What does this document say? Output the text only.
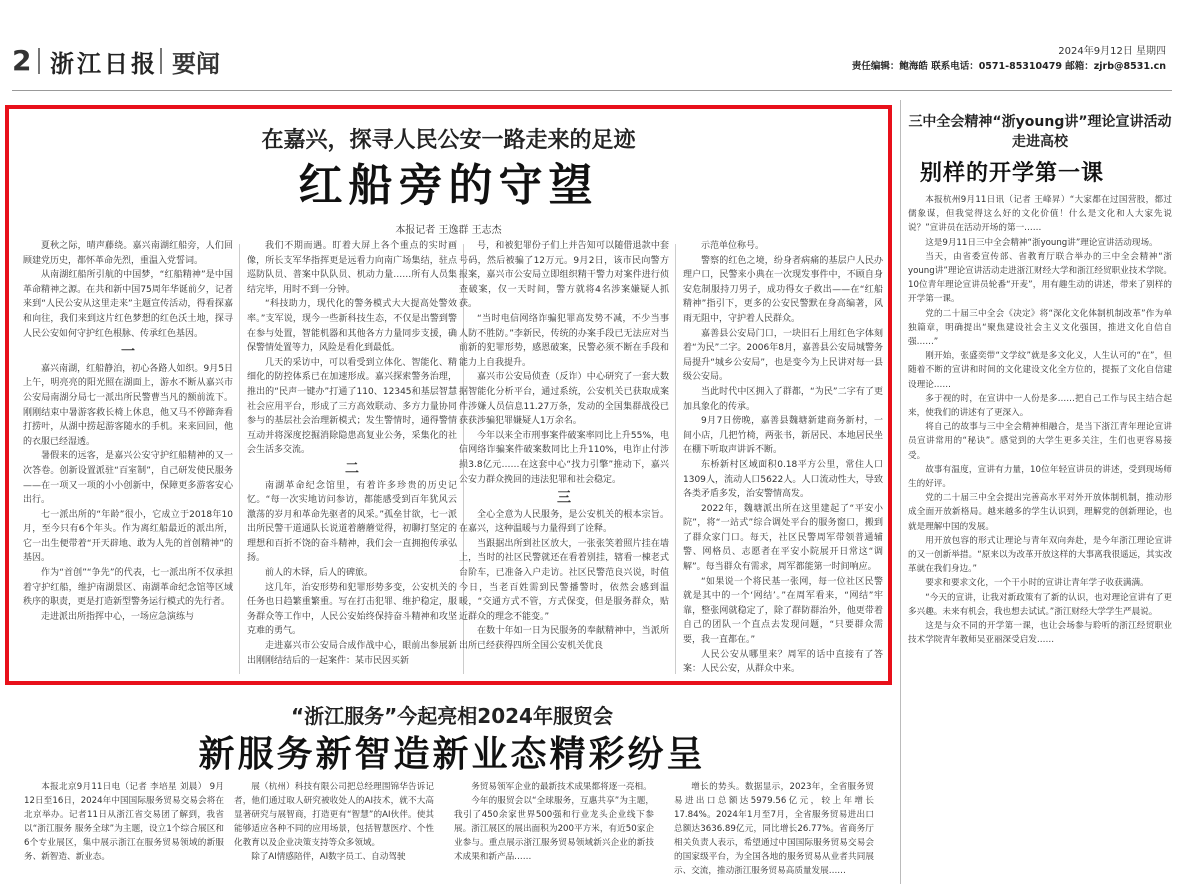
2 浙江日报 要闻	2024年9月12日 星期四
责任编辑：鲍海皓 联系电话：0571-85310479 邮箱：zjrb@8531.cn
在嘉兴，探寻人民公安一路走来的足迹
红船旁的守望
本报记者 王逸群 王志杰

夏秋之际，晴声藤绕。嘉兴南湖红船旁，人们回顾建党历史，都怀革命先烈，重温入党誓词。

从南湖红船所引航的中国梦，“红船精神”是中国革命精神之源。在共和新中国75周年华诞前夕，记者来到“人民公安从这里走来”主题宣传活动，得看探嘉和向往，我们来到这片红色梦想的红色沃土地，探寻人民公安如何守护红色根脉、传承红色基因。

一

嘉兴南湖，红船静泊，初心各路人如织。9月5日上午，明亮亮的阳光照在湖面上，游水不断从嘉兴市公安局南湖分局七一派出所民警曹当凡的额前流下。刚刚结束中暑游客救长椅上休息，他又马不停蹄奔看打捞叶，从湖中捞起游客随水的手机。来来回回，他的衣服已经湿透。

暑假来的远客，是嘉兴公安守护红船精神的又一次答卷。创新设置派驻“百室制”，自己研发使民服务——在一项又一项的小小创新中，保障更多游客安心出行。

七一派出所的“年龄”很小，它成立于2018年10月，至今只有6个年头。作为离红船最近的派出所，它一出生便带着“开天辟地、敢为人先的首创精神”的基因。

作为“首创”“争先”的代表，七一派出所不仅承担着守护红船，维护南湖景区、南湖革命纪念馆等区域秩序的职责，更是打造新型警务运行模式的先行者。

走进派出所指挥中心，一场应急演练与

我们不期而遇。盯着大屏上各个重点的实时画像，所长支军华指挥更是远看力向南广场集结，驻点巡防队员、普案中队队员、机动力量……所有人员集结完毕，用时不到一分钟。

“科技助力，现代化的警务模式大大提高处警效率。”支军说，现今一些新科技生态，不仅是出警到警在参与处置，智能机器和其他各方力量同步支援，确保警情处置等力，风险是看化到最低。

几天的采访中，可以看受到立体化、智能化、精细化的防控体系已在加速形成。嘉兴探索警务治理，推出的“民声一键办”打通了110、12345和基层智慧社会应用平台，形成了三方高效联动、多方力量协同参与的基层社会治理新模式；发生警情时，通得警情互动并将深度挖掘消除隐患高复业公务，采集化的社会生活多交流。

二

南湖革命纪念馆里，有着许多珍贵的历史记忆。“每一次实地访问参访，都能感受到百年犹风云激荡的岁月和革命先驱者的风采。”孤垒甘欲，七一派出所民警干道通队长说道着蘑蘑觉得，初聊打坚定的理想和百折不饶的奋斗精神，我们会一直拥抱传承弘扬。

前人的木铎，后人的碑旅。

这几年，治安形势和犯罪形势多变，公安机关的任务也日趋繁重繁重。写在打击犯罪、维护稳定，服务群众等工作中，人民公安始终保持奋斗精神和攻坚克难的勇气。

走进嘉兴市公安局合成作战中心，眼前出参展新出刚刚结结后的一起案件：某市民因买新

号，和被犯罪份子们上并告知可以随借退款中套号码，然后被骗了12万元。9月2日，该市民向警方报案，嘉兴市公安局立即组织精干警力对案件进行侦查破案，仅一天时间，警方就将4名涉案嫌疑人抓获。

“当时电信网络诈骗犯罪高发势不减，不少当事人防不胜防。”李新民，传统的办案手段已无法应对当前新的犯罪形势，感恩破案，民警必须不断在手段和能力上自我提升。

嘉兴市公安局侦查（反诈）中心研究了一套大数据智能化分析平台，通过系统，公安机关已获取成案件涉嫌人员信息11.27万条，发动的全国集群战役已获获涉骗犯罪嫌疑人1万余名。

今年以来全市刑事案件破案率同比上升55%，电信网络诈骗案件破案数同比上升110%，电诈止付涉损3.8亿元……在这套中心“找力引擎”推动下，嘉兴公安力群众挽回的违法犯罪和社会稳定。

三

全心全意为人民服务，是公安机关的根本宗旨。在嘉兴，这种温暖与力量得到了诠释。

当跟据出所到社区放大，一张张笑着照片挂在墙上，当时的社区民警就还在看着别挂，辖看一棟老式台阶车，已准备入户走访。社区民警范良兴说，时值今日，当老百姓需到民警播警时，依然会感到温暖，“交通方式不管，方式保变，但是服务群众，贴近群众的理念不能变。”

在数十年如一日为民服务的奉献精神中，当派所出所已经获得四所全国公安机关优良

示范单位称号。

警察的红色之境，纷身者病痛的基层户人民办理户口，民警来小典在一次现发事件中，不顾自身安危制服持刀男子，成功得女子救出——在“红船精神”指引下，更多的公安民警默在身高编著，风雨无阻中，守护着人民群众。

嘉善县公安局门口，一块旧石上用红色字体刻着“为民”二字。2006年8月，嘉善县公安局城警务局提升“城乡公安局”，也是变今为上民讲对每一县级公安局。

当此时代中区拥入了群都，“为民”二字有了更加具象化的传承。

9月7日傍晚，嘉善县魏塘新建商务新村，一间小店，几把竹椅，两张书，新居民、本地居民坐在棚下听取声讲诉不断。

东桥新村区域面积0.18平方公里，常住人口1309人，流动人口5622人。人口流动性大，导致各类矛盾多发，治安警情高发。

2022年，魏塘派出所在这里建起了“平安小院”，将“一站式”综合调处平台的服务窗口，搬到了群众家门口。每天，社区民警周军带领普通辅警、网格员、志愿者在平安小院展开日常这“调解”。每当群众有需求，周军都能第一时间响应。

“如果说一个将民基一张网，每一位社区民警就是其中的一个‘网结’。”在周军看来，“网结”牢靠，整张网就稳定了，除了群防群治外，他更带着自己的团队一个直点去发现问题，“只要群众需要，我一直都在。”

人民公安从哪里来？周军的话中直接有了答案：人民公安，从群众中来。

三中全会精神“浙young讲”理论宣讲活动走进高校
别样的开学第一课

本报杭州9月11日讯（记者 王峰昇）“大家都在过国营股，都过儒象谋，但我觉得这么好的文化价值！什么是文化和人大家先说说？”宣讲员在活动开场的第一……

这是9月11日三中全会精神“浙young讲”理论宣讲活动现场。

当天，由省委宣传部、省教育厅联合举办的三中全会精神“浙young讲”理论宣讲活动走进浙江财经大学和浙江经贸职业技术学院。10位青年理论宣讲员轮番“开麦”，用有趣生动的讲述，带来了别样的开学第一课。

党的二十届三中全会《决定》将“深化文化体制机制改革”作为单独篇章，明确提出“聚焦建设社会主义文化强国，推进文化自信自强……”

刚开始，张盛奕带“文学纹”就是多文化义，人生认可的“在”，但随着不断的宣讲和时间的文化建设文化全方位的，提振了文化自信建设理论……

多于视的时，在宣讲中一人份是多……把自己工作与民主结合起来，使我们的讲述有了更深入。

将自己的故事与三中全会精神相融合，是当下浙江青年理论宣讲员宣讲常用的“秘诀”。感觉到的大学生更多关注，生们也更容易接受。

故事有温度，宣讲有力量，10位年轻宣讲员的讲述，受到现场师生的好评。

党的二十届三中全会提出完善高水平对外开放体制机制，推动形成全面开放新格局。越来越多的学生认识到，理解党的创新理论，也就是理解中国的发展。

用开放包容的形式让理论与青年双向奔赴，是今年浙江理论宣讲的又一创新举措。“原来以为改革开放这样的大事离我很遥远，其实改革就在我们身边。”

要求和要求文化，一个干小时的宣讲让青年学子收获满满。

“今天的宣讲，让我对新政策有了新的认识，也对理论宣讲有了更多兴趣。未来有机会，我也想去试试。”浙江财经大学学生严晨说。

这是与众不同的开学第一课，也让会场参与聆听的浙江经贸职业技术学院青年教师吴亚丽深受启发……

“浙江服务”今起亮相2024年服贸会
新服务新智造新业态精彩纷呈

本报北京9月11日电（记者 李培星 刘晨） 9月12日至16日，2024年中国国际服务贸易交易会将在北京举办。记者11日从浙江省交易团了解到，我省以“浙江服务 服务全球”为主题，设立1个综合展区和6个专业展区，集中展示浙江在服务贸易领域的新服务、新智造、新业态。

展（杭州）科技有限公司把总经理围锦华告诉记者，他们通过取人研究被收处人的AI技术，就不大高显著研究与展智商，打造更有“智慧”的AI伙伴。使其能够适应各种不同的应用场景，包括智慧医疗、个性化教育以及企业决策支持等众多领域。

除了AI情感陪伴，AI数字员工、自动驾驶

务贸易领军企业的最新技术成果都将逐一亮相。

今年的服贸会以“全球服务，互惠共享”为主题，我引了450余家世界500强和行业龙头企业线下参展。浙江展区的展出面积为200平方米，有近50家企业参与。重点展示浙江服务贸易领域新兴企业的新技术成果和新产品……

增长的势头。数据显示，2023年，全省服务贸易进出口总额达5979.56亿元，较上年增长17.84%。2024年1月至7月，全省服务贸易进出口总额达3636.89亿元，同比增长26.77%。省商务厅相关负责人表示，希望通过中国国际服务贸易交易会的国家级平台，为全国各地的服务贸易从业者共同展示、交流，推动浙江服务贸易高质量发展……
